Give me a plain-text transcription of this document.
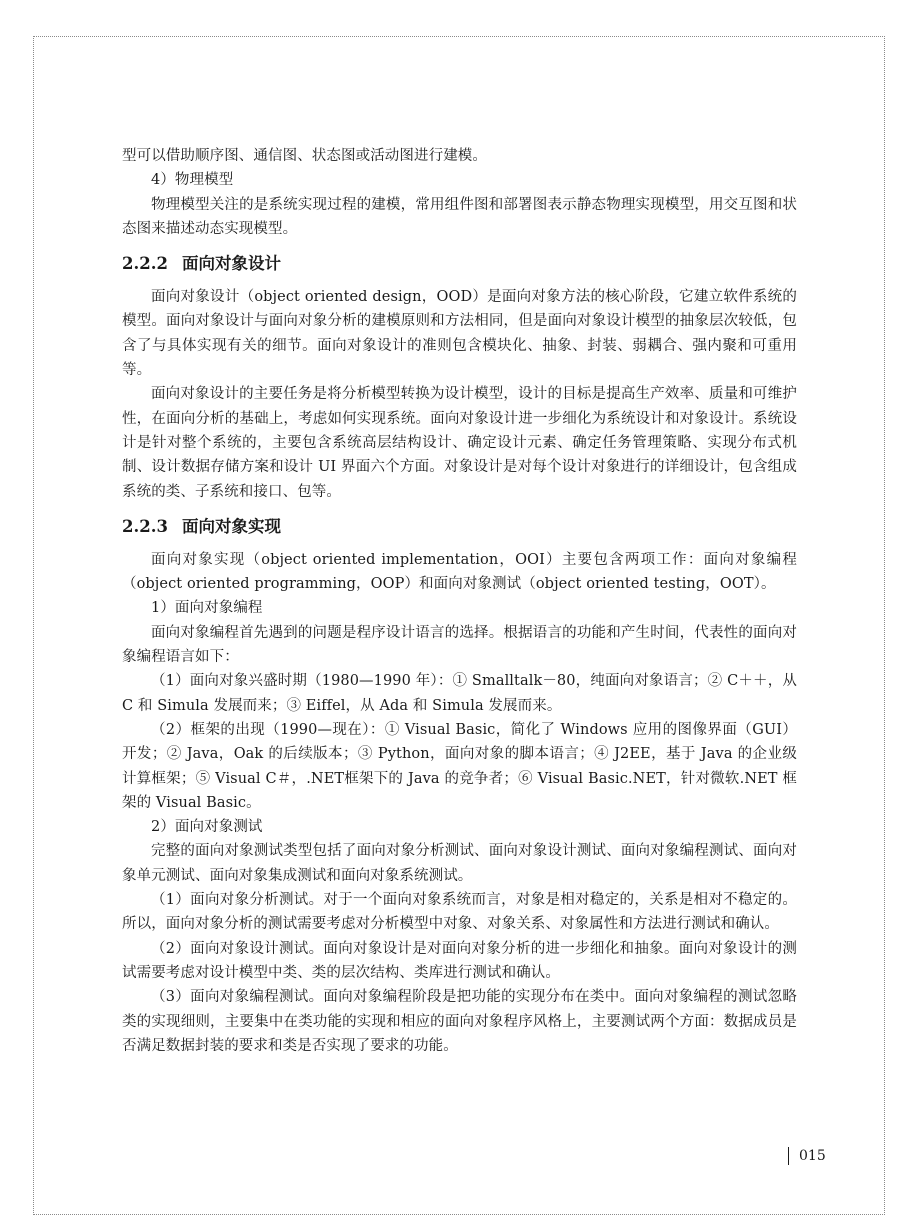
型可以借助顺序图、通信图、状态图或活动图进行建模。

4）物理模型

物理模型关注的是系统实现过程的建模，常用组件图和部署图表示静态物理实现模型，用交互图和状态图来描述动态实现模型。

2.2.2 面向对象设计

面向对象设计（object oriented design，OOD）是面向对象方法的核心阶段，它建立软件系统的模型。面向对象设计与面向对象分析的建模原则和方法相同，但是面向对象设计模型的抽象层次较低，包含了与具体实现有关的细节。面向对象设计的准则包含模块化、抽象、封装、弱耦合、强内聚和可重用等。

面向对象设计的主要任务是将分析模型转换为设计模型，设计的目标是提高生产效率、质量和可维护性，在面向分析的基础上，考虑如何实现系统。面向对象设计进一步细化为系统设计和对象设计。系统设计是针对整个系统的，主要包含系统高层结构设计、确定设计元素、确定任务管理策略、实现分布式机制、设计数据存储方案和设计 UI 界面六个方面。对象设计是对每个设计对象进行的详细设计，包含组成系统的类、子系统和接口、包等。

2.2.3 面向对象实现

面向对象实现（object oriented implementation，OOI）主要包含两项工作：面向对象编程（object oriented programming，OOP）和面向对象测试（object oriented testing，OOT）。

1）面向对象编程

面向对象编程首先遇到的问题是程序设计语言的选择。根据语言的功能和产生时间，代表性的面向对象编程语言如下：

（1）面向对象兴盛时期（1980—1990 年）：① Smalltalk－80，纯面向对象语言；② C＋＋，从 C 和 Simula 发展而来；③ Eiffel，从 Ada 和 Simula 发展而来。

（2）框架的出现（1990—现在）：① Visual Basic，简化了 Windows 应用的图像界面（GUI）开发；② Java，Oak 的后续版本；③ Python，面向对象的脚本语言；④ J2EE，基于 Java 的企业级计算框架；⑤ Visual C＃，.NET框架下的 Java 的竞争者；⑥ Visual Basic.NET，针对微软.NET 框架的 Visual Basic。

2）面向对象测试

完整的面向对象测试类型包括了面向对象分析测试、面向对象设计测试、面向对象编程测试、面向对象单元测试、面向对象集成测试和面向对象系统测试。

（1）面向对象分析测试。对于一个面向对象系统而言，对象是相对稳定的，关系是相对不稳定的。所以，面向对象分析的测试需要考虑对分析模型中对象、对象关系、对象属性和方法进行测试和确认。

（2）面向对象设计测试。面向对象设计是对面向对象分析的进一步细化和抽象。面向对象设计的测试需要考虑对设计模型中类、类的层次结构、类库进行测试和确认。

（3）面向对象编程测试。面向对象编程阶段是把功能的实现分布在类中。面向对象编程的测试忽略类的实现细则，主要集中在类功能的实现和相应的面向对象程序风格上，主要测试两个方面：数据成员是否满足数据封装的要求和类是否实现了要求的功能。

015
